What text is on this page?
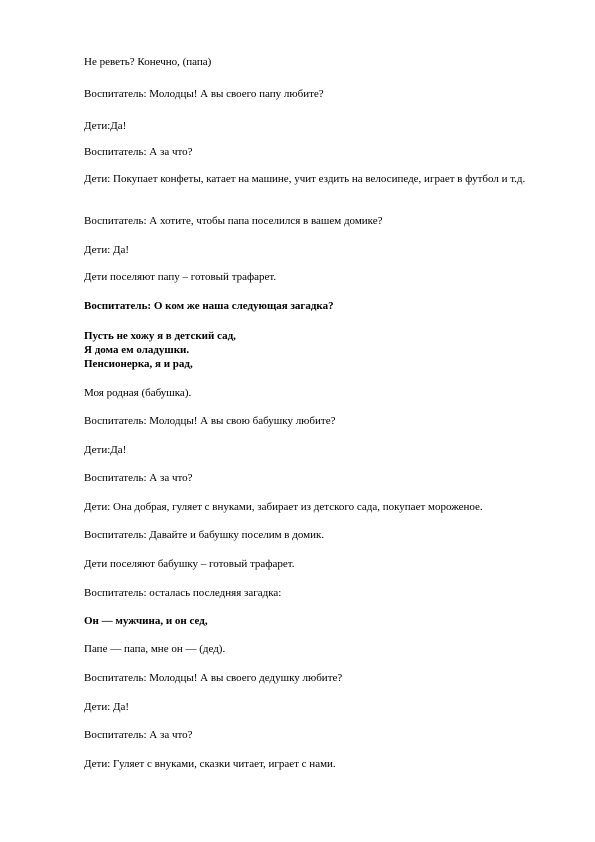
Не реветь? Конечно, (папа)

Воспитатель: Молодцы! А вы своего папу любите?

Дети:Да!

Воспитатель: А за что?

Дети: Покупает конфеты, катает на машине, учит ездить на велосипеде, играет в футбол и т.д.

Воспитатель: А хотите, чтобы папа поселился в вашем домике?

Дети: Да!

Дети поселяют папу – готовый трафарет.

Воспитатель: О ком же наша следующая загадка?

Пусть не хожу я в детский сад,

Я дома ем оладушки.

Пенсионерка, я и рад,

Моя родная (бабушка).

Воспитатель: Молодцы! А вы свою бабушку любите?

Дети:Да!

Воспитатель: А за что?

Дети: Она добрая, гуляет с внуками, забирает из детского сада, покупает мороженое.

Воспитатель: Давайте и бабушку поселим в домик.

Дети поселяют бабушку – готовый трафарет.

Воспитатель: осталась последняя загадка:

Он — мужчина, и он сед,

Папе — папа, мне он — (дед).

Воспитатель: Молодцы! А вы своего дедушку любите?

Дети: Да!

Воспитатель: А за что?

Дети: Гуляет с внуками, сказки читает, играет с нами.
